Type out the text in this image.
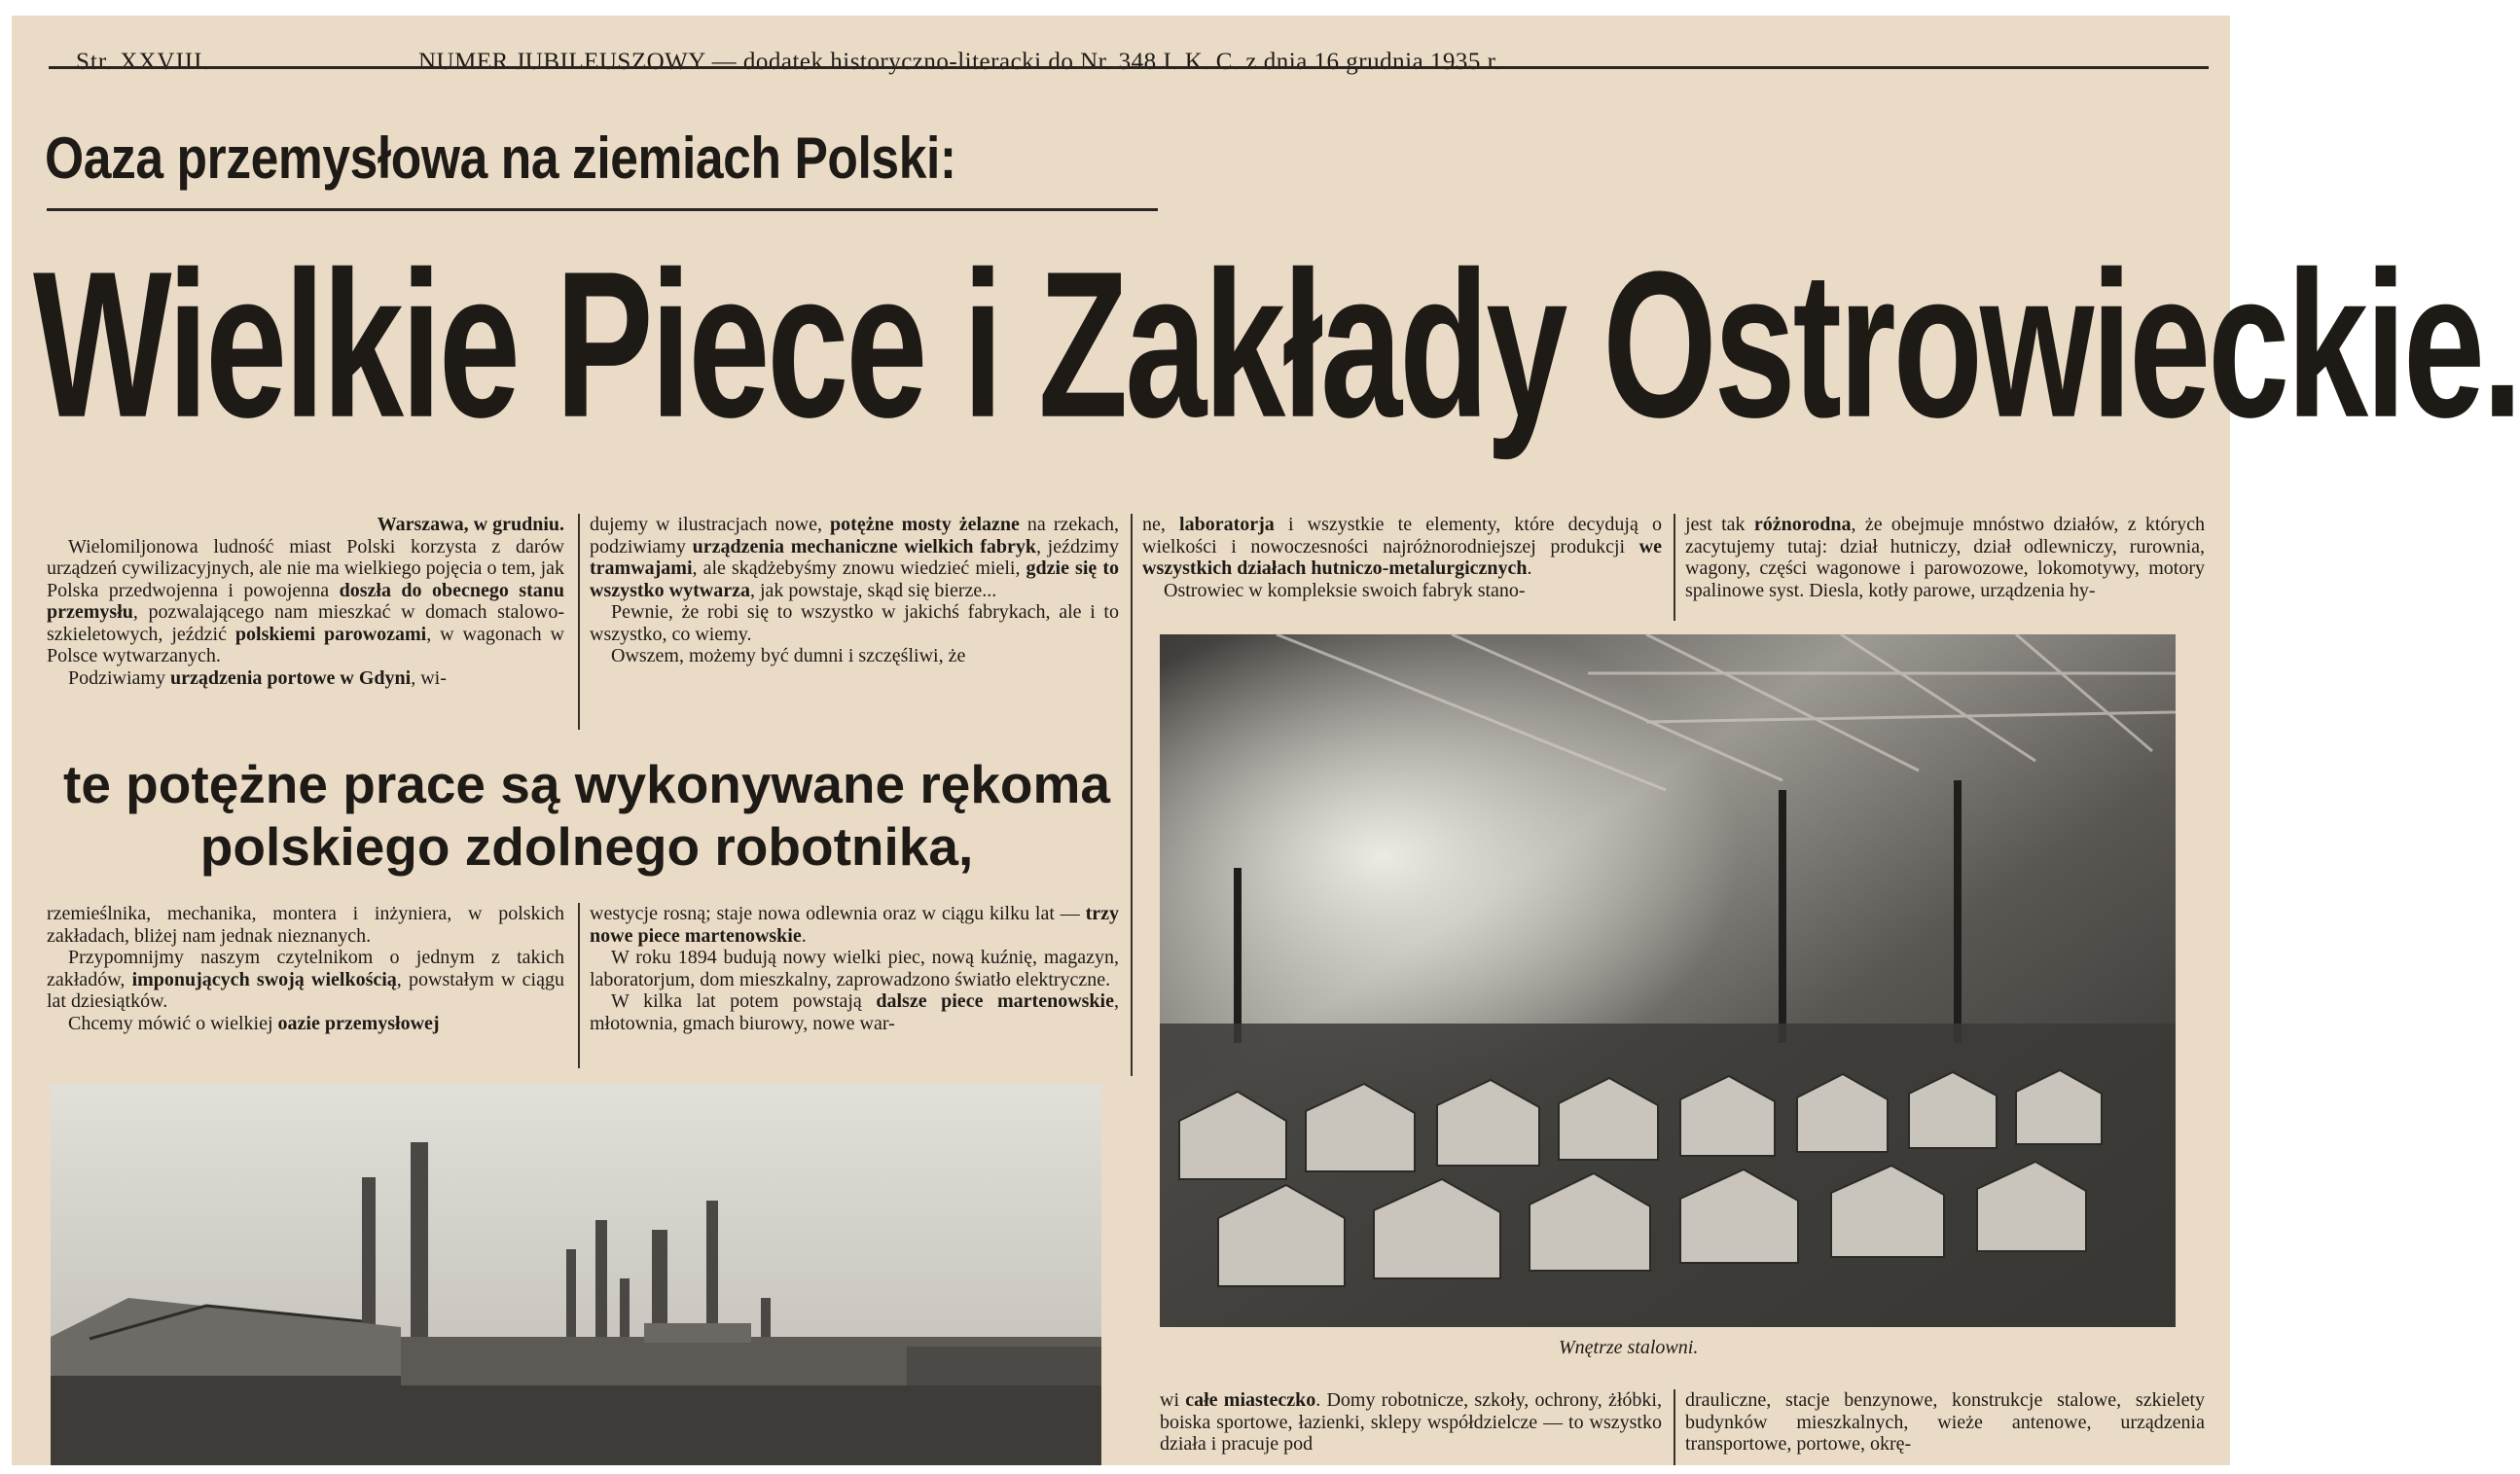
Str. XXVIII.	NUMER JUBILEUSZOWY — dodatek historyczno-literacki do Nr. 348 I. K. C. z dnia 16 grudnia 1935 r.
Oaza przemysłowa na ziemiach Polski:
Wielkie Piece i Zakłady Ostrowieckie.

Warszawa, w grudniu.

Wielomiljonowa ludność miast Polski korzysta z darów urządzeń cywilizacyjnych, ale nie ma wielkiego pojęcia o tem, jak Polska przedwojenna i powojenna doszła do obecnego stanu przemysłu, pozwalającego nam mieszkać w domach stalowo-szkieletowych, jeździć polskiemi parowozami, w wagonach w Polsce wytwarzanych.

Podziwiamy urządzenia portowe w Gdyni, wi-

dujemy w ilustracjach nowe, potężne mosty żelazne na rzekach, podziwiamy urządzenia mechaniczne wielkich fabryk, jeździmy tramwajami, ale skądżebyśmy znowu wiedzieć mieli, gdzie się to wszystko wytwarza, jak powstaje, skąd się bierze...

Pewnie, że robi się to wszystko w jakichś fabrykach, ale i to wszystko, co wiemy.

Owszem, możemy być dumni i szczęśliwi, że

te potężne prace są wykonywane rękoma polskiego zdolnego robotnika,

rzemieślnika, mechanika, montera i inżyniera, w polskich zakładach, bliżej nam jednak nieznanych.

Przypomnijmy naszym czytelnikom o jednym z takich zakładów, imponujących swoją wielkością, powstałym w ciągu lat dziesiątków.

Chcemy mówić o wielkiej oazie przemysłowej

westycje rosną; staje nowa odlewnia oraz w ciągu kilku lat — trzy nowe piece martenowskie.

W roku 1894 budują nowy wielki piec, nową kuźnię, magazyn, laboratorjum, dom mieszkalny, zaprowadzono światło elektryczne.

W kilka lat potem powstają dalsze piece martenowskie, młotownia, gmach biurowy, nowe war-

ne, laboratorja i wszystkie te elementy, które decydują o wielkości i nowoczesności najróżnorodniejszej produkcji we wszystkich działach hutniczo-metalurgicznych.

Ostrowiec w kompleksie swoich fabryk stano-

jest tak różnorodna, że obejmuje mnóstwo działów, z których zacytujemy tutaj: dział hutniczy, dział odlewniczy, rurownia, wagony, części wagonowe i parowozowe, lokomotywy, motory spalinowe syst. Diesla, kotły parowe, urządzenia hy-

Wnętrze stalowni.

wi całe miasteczko. Domy robotnicze, szkoły, ochrony, żłóbki, boiska sportowe, łazienki, sklepy współdzielcze — to wszystko działa i pracuje pod

drauliczne, stacje benzynowe, konstrukcje stalowe, szkielety budynków mieszkalnych, wieże antenowe, urządzenia transportowe, portowe, okrę-
